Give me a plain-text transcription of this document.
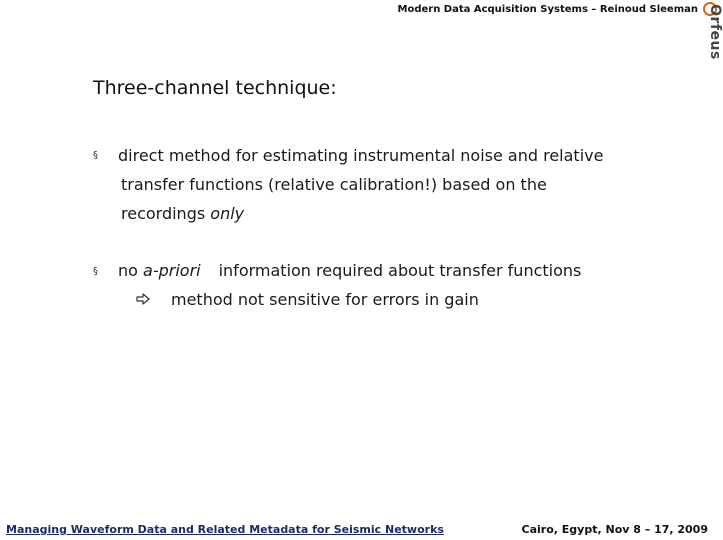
Modern Data Acquisition Systems – Reinoud Sleeman Orfeus
Three-channel technique:
§ direct method for estimating instrumental noise and relative
transfer functions (relative calibration!) based on the
recordings only
§ no a-priori information required about transfer functions
method not sensitive for errors in gain
Managing Waveform Data and Related Metadata for Seismic Networks	Cairo, Egypt, Nov 8 – 17, 2009
